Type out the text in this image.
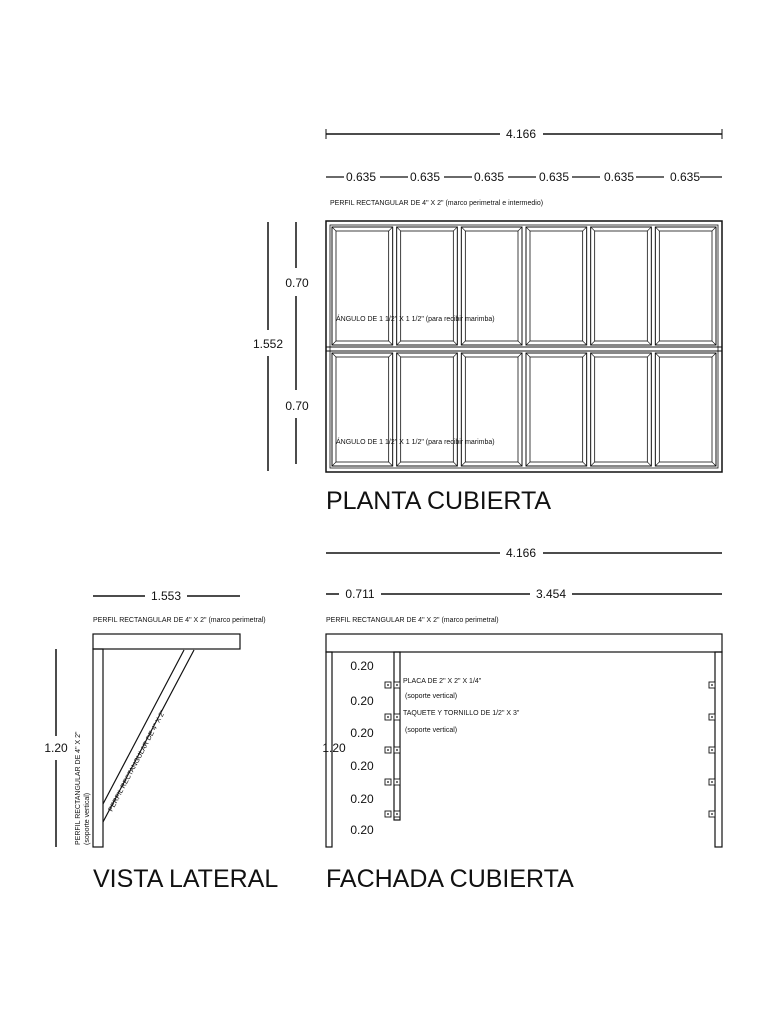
4.166
0.635	0.635	0.635	0.635	0.635	0.635
PERFIL RECTANGULAR DE 4" X 2" (marco perimetral e intermedio)
ÁNGULO DE 1 1/2" X 1 1/2" (para recibir marimba)
ÁNGULO DE 1 1/2" X 1 1/2" (para recibir marimba)
1.552
0.70
0.70
PLANTA CUBIERTA
1.553
PERFIL RECTANGULAR DE 4" X 2" (marco perimetral)
PERFIL RECTANGULAR DE 4" X 2"
1.20 PERFIL RECTANGULAR DE 4" X 2" (soporte vertical)
VISTA LATERAL
4.166
0.711	3.454
PERFIL RECTANGULAR DE 4" X 2" (marco perimetral)
0.20
0.20
0.20
0.20
0.20
0.20
1.20
PLACA DE 2" X 2" X 1/4"
(soporte vertical)
TAQUETE Y TORNILLO DE 1/2" X 3"
(soporte vertical)
FACHADA CUBIERTA
